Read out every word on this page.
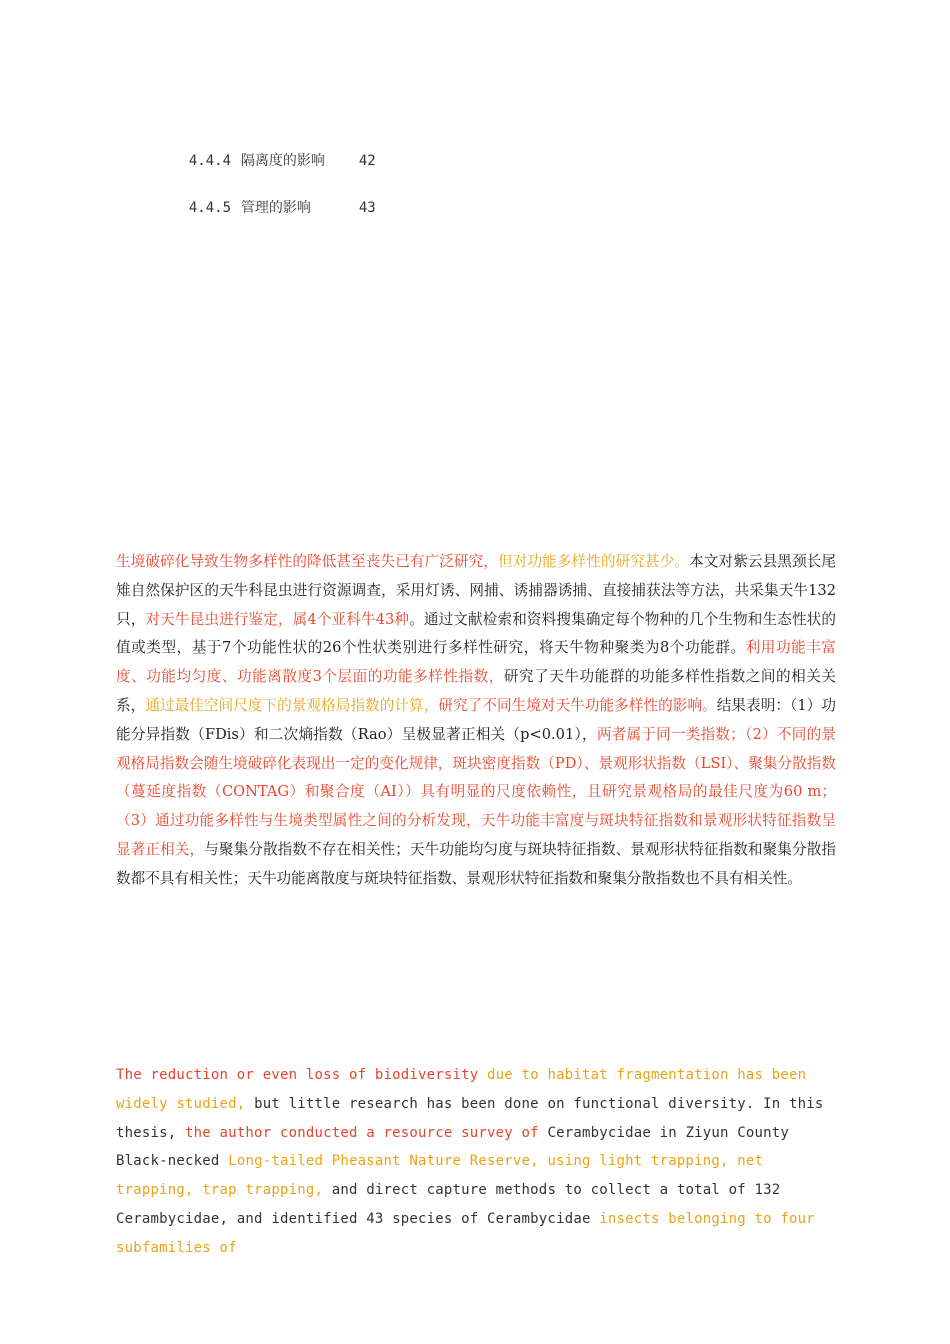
4.4.4 隔离度的影响 42

4.4.5 管理的影响	43

生境破碎化导致生物多样性的降低甚至丧失已有广泛研究，但对功能多样性的研究甚少。本文对紫云县黑颈长尾雉自然保护区的天牛科昆虫进行资源调查，采用灯诱、网捕、诱捕器诱捕、直接捕获法等方法，共采集天牛132只，对天牛昆虫进行鉴定，属4个亚科牛43种。通过文献检索和资料搜集确定每个物种的几个生物和生态性状的值或类型，基于7个功能性状的26个性状类别进行多样性研究，将天牛物种聚类为8个功能群。利用功能丰富度、功能均匀度、功能离散度3个层面的功能多样性指数，研究了天牛功能群的功能多样性指数之间的相关关系，通过最佳空间尺度下的景观格局指数的计算，研究了不同生境对天牛功能多样性的影响。结果表明：（1）功能分异指数（FDis）和二次熵指数（Rao）呈极显著正相关（p<0.01），两者属于同一类指数；（2）不同的景观格局指数会随生境破碎化表现出一定的变化规律，斑块密度指数（PD）、景观形状指数（LSI）、聚集分散指数（蔓延度指数（CONTAG）和聚合度（AI））具有明显的尺度依赖性，且研究景观格局的最佳尺度为60 m；（3）通过功能多样性与生境类型属性之间的分析发现，天牛功能丰富度与斑块特征指数和景观形状特征指数呈显著正相关，与聚集分散指数不存在相关性；天牛功能均匀度与斑块特征指数、景观形状特征指数和聚集分散指数都不具有相关性；天牛功能离散度与斑块特征指数、景观形状特征指数和聚集分散指数也不具有相关性。
The reduction or even loss of biodiversity due to habitat fragmentation has been widely studied, but little research has been done on functional diversity. In this thesis, the author conducted a resource survey of Cerambycidae in Ziyun County Black-necked Long-tailed Pheasant Nature Reserve, using light trapping, net trapping, trap trapping, and direct capture methods to collect a total of 132 Cerambycidae, and identified 43 species of Cerambycidae insects belonging to four subfamilies of
